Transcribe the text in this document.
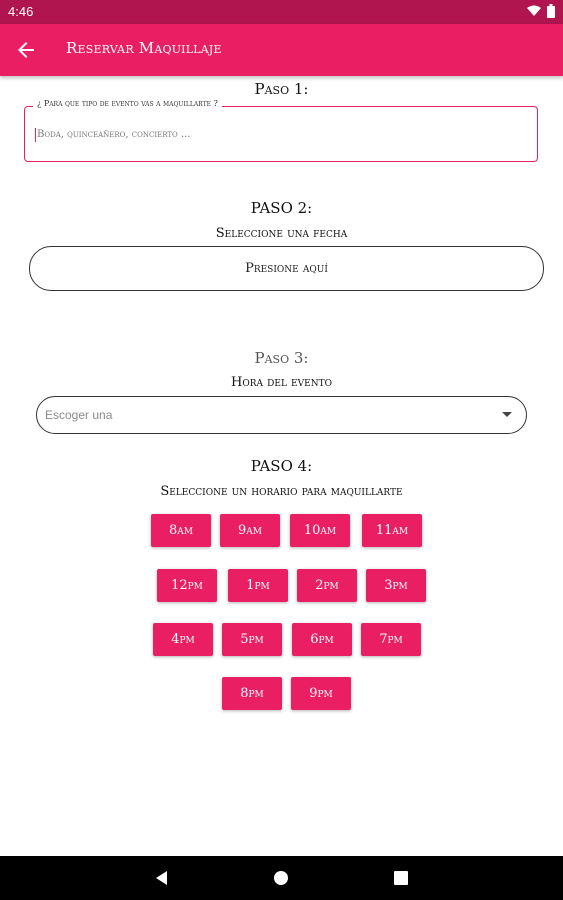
4:46
Reservar Maquillaje
Paso 1:
¿ Para que tipo de evento vas a maquillarte ?
Boda, quinceañero, concierto ...
PASO 2:
Seleccione una fecha
Presione aquí
Paso 3:
Hora del evento
Escoger una
PASO 4:
Seleccione un horario para maquillarte
8am	9am	10am	11am
12pm	1pm	2pm	3pm
4pm	5pm	6pm	7pm
8pm	9pm
